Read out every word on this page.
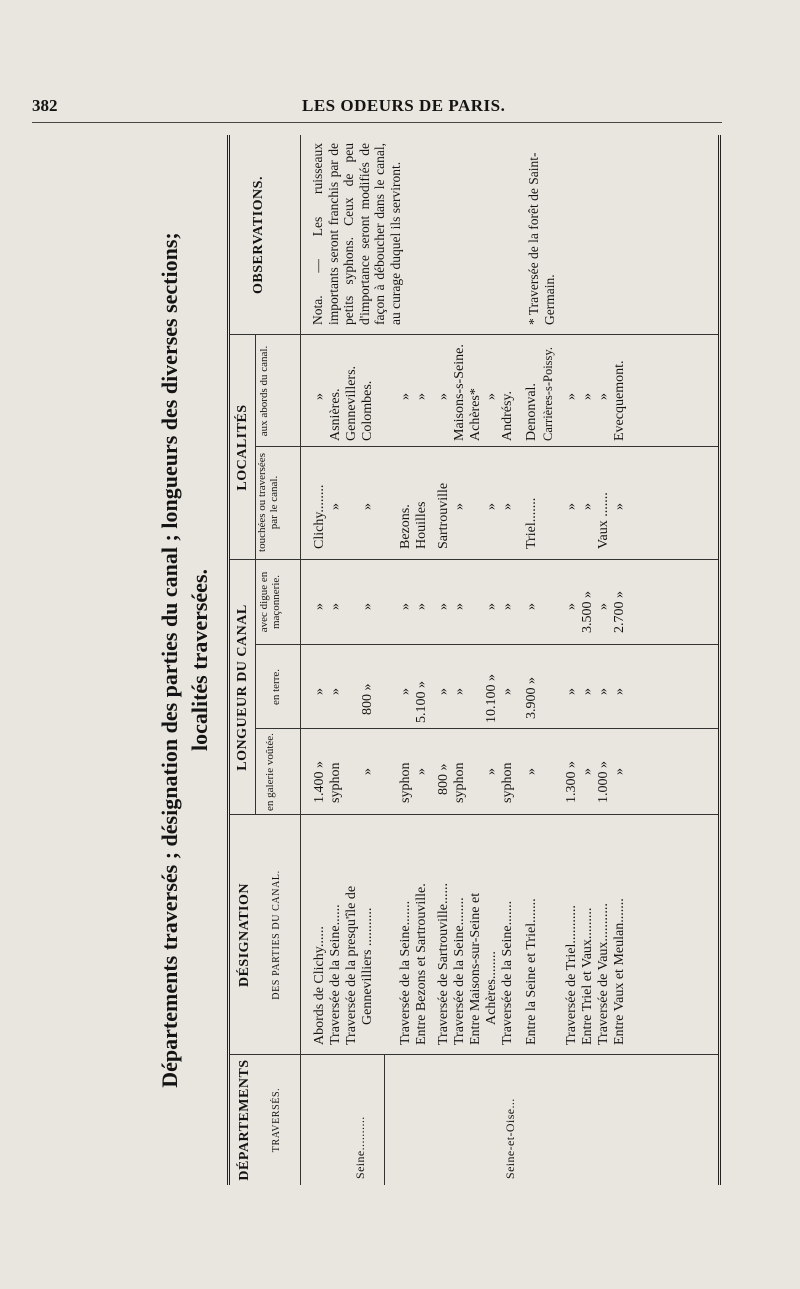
382	LES ODEURS DE PARIS.
Départements traversés ; désignation des parties du canal ; longueurs des diverses sections; localités traversées.
DÉPARTEMENTS TRAVERSÉS.
DÉSIGNATION DES PARTIES DU CANAL.
LONGUEUR DU CANAL
en galerie voûtée.
en terre.
avec digue en maçonnerie.
LOCALITÉS
touchées ou traversées par le canal.
aux abords du canal.
OBSERVATIONS.
Abords de Clichy......
1.400 »
»
»
Clichy........
»
Traversée de la Seine......
syphon
»
»
»
Asnières.
Seine..........
Traversée de la presqu'île de
Gennevillers.
Gennevilliers ...........
»
800 »
»
»
Colombes.
Traversée de la Seine.......
syphon
»
»
Bezons.
»
Entre Bezons et Sartrouville.
»
5.100 »
»
Houilles
»
Traversée de Sartrouville......
800 »
»
»
Sartrouville
»
Traversée de la Seine........
syphon
»
»
»
Maisons-s-Seine.
Entre Maisons-sur-Seine et
Achères*
Achères........
»
10.100 »
»
»
»
Seine-et-Oise...
Traversée de la Seine.......
syphon
»
»
»
Andrésy.
Entre la Seine et Triel.......
»
3.900 »
»
Triel.......
Denonval. Carrières-s-Poissy.
Traversée de Triel...........
1.300 »
»
»
»
»
Entre Triel et Vaux.........
»
»
3.500 »
»
»
Traversée de Vaux...........
1.000 »
»
»
Vaux .......
»
Entre Vaux et Meulan.......
»
»
2.700 »
»
Evecquemont.
Nota. — Les ruisseaux importants seront franchis par de petits syphons. Ceux de peu d'importance seront modifiés de façon à déboucher dans le canal, au curage duquel ils serviront.	* Traversée de la forêt de Saint-Germain.
